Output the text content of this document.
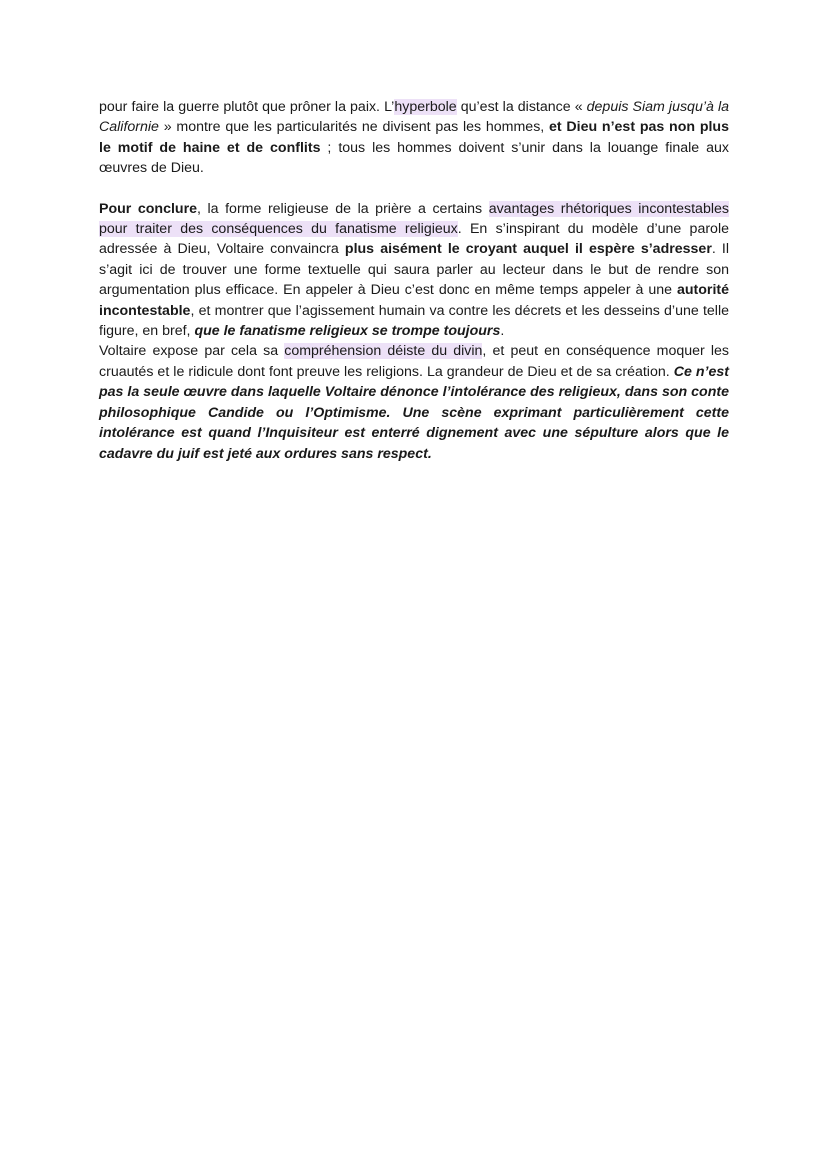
pour faire la guerre plutôt que prôner la paix. L’hyperbole qu’est la distance « depuis Siam jusqu’à la Californie » montre que les particularités ne divisent pas les hommes, et Dieu n’est pas non plus le motif de haine et de conflits ; tous les hommes doivent s’unir dans la louange finale aux œuvres de Dieu.

Pour conclure, la forme religieuse de la prière a certains avantages rhétoriques incontestables pour traiter des conséquences du fanatisme religieux. En s’inspirant du modèle d’une parole adressée à Dieu, Voltaire convaincra plus aisément le croyant auquel il espère s’adresser. Il s’agit ici de trouver une forme textuelle qui saura parler au lecteur dans le but de rendre son argumentation plus efficace. En appeler à Dieu c’est donc en même temps appeler à une autorité incontestable, et montrer que l’agissement humain va contre les décrets et les desseins d’une telle figure, en bref, que le fanatisme religieux se trompe toujours.

Voltaire expose par cela sa compréhension déiste du divin, et peut en conséquence moquer les cruautés et le ridicule dont font preuve les religions. La grandeur de Dieu et de sa création. Ce n’est pas la seule œuvre dans laquelle Voltaire dénonce l’intolérance des religieux, dans son conte philosophique Candide ou l’Optimisme. Une scène exprimant particulièrement cette intolérance est quand l’Inquisiteur est enterré dignement avec une sépulture alors que le cadavre du juif est jeté aux ordures sans respect.
